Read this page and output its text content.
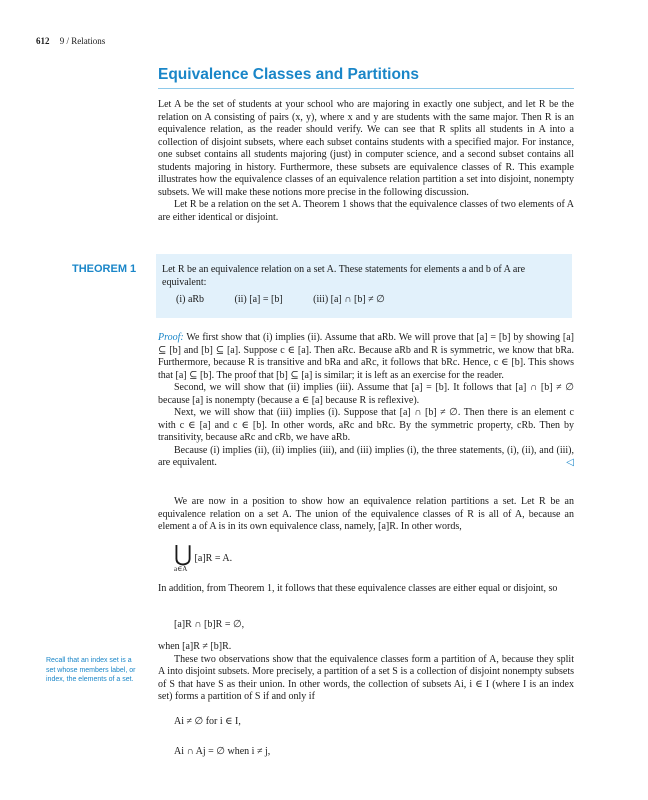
612 9 / Relations
Equivalence Classes and Partitions

Let A be the set of students at your school who are majoring in exactly one subject, and let R be the relation on A consisting of pairs (x, y), where x and y are students with the same major. Then R is an equivalence relation, as the reader should verify. We can see that R splits all students in A into a collection of disjoint subsets, where each subset contains students with a specified major. For instance, one subset contains all students majoring (just) in computer science, and a second subset contains all students majoring in history. Furthermore, these subsets are equivalence classes of R. This example illustrates how the equivalence classes of an equivalence relation partition a set into disjoint, nonempty subsets. We will make these notions more precise in the following discussion.

Let R be a relation on the set A. Theorem 1 shows that the equivalence classes of two elements of A are either identical or disjoint.

THEOREM 1	Let R be an equivalence relation on a set A. These statements for elements a and b of A are equivalent:
(i) aRb	(ii) [a] = [b]	(iii) [a] ∩ [b] ≠ ∅

Proof: We first show that (i) implies (ii). Assume that aRb. We will prove that [a] = [b] by showing [a] ⊆ [b] and [b] ⊆ [a]. Suppose c ∈ [a]. Then aRc. Because aRb and R is symmetric, we know that bRa. Furthermore, because R is transitive and bRa and aRc, it follows that bRc. Hence, c ∈ [b]. This shows that [a] ⊆ [b]. The proof that [b] ⊆ [a] is similar; it is left as an exercise for the reader.

Second, we will show that (ii) implies (iii). Assume that [a] = [b]. It follows that [a] ∩ [b] ≠ ∅ because [a] is nonempty (because a ∈ [a] because R is reflexive).

Next, we will show that (iii) implies (i). Suppose that [a] ∩ [b] ≠ ∅. Then there is an element c with c ∈ [a] and c ∈ [b]. In other words, aRc and bRc. By the symmetric property, cRb. Then by transitivity, because aRc and cRb, we have aRb.

Because (i) implies (ii), (ii) implies (iii), and (iii) implies (i), the three statements, (i), (ii), and (iii), are equivalent.	◁

We are now in a position to show how an equivalence relation partitions a set. Let R be an equivalence relation on a set A. The union of the equivalence classes of R is all of A, because an element a of A is in its own equivalence class, namely, [a]R. In other words,

⋃ [a]R = A.
a∈A

In addition, from Theorem 1, it follows that these equivalence classes are either equal or disjoint, so

[a]R ∩ [b]R = ∅,

when [a]R ≠ [b]R.

These two observations show that the equivalence classes form a partition of A, because they split A into disjoint subsets. More precisely, a partition of a set S is a collection of disjoint nonempty subsets of S that have S as their union. In other words, the collection of subsets Ai, i ∈ I (where I is an index set) forms a partition of S if and only if

Recall that an index set is a set whose members label, or index, the elements of a set.
Ai ≠ ∅ for i ∈ I,
Ai ∩ Aj = ∅ when i ≠ j,
